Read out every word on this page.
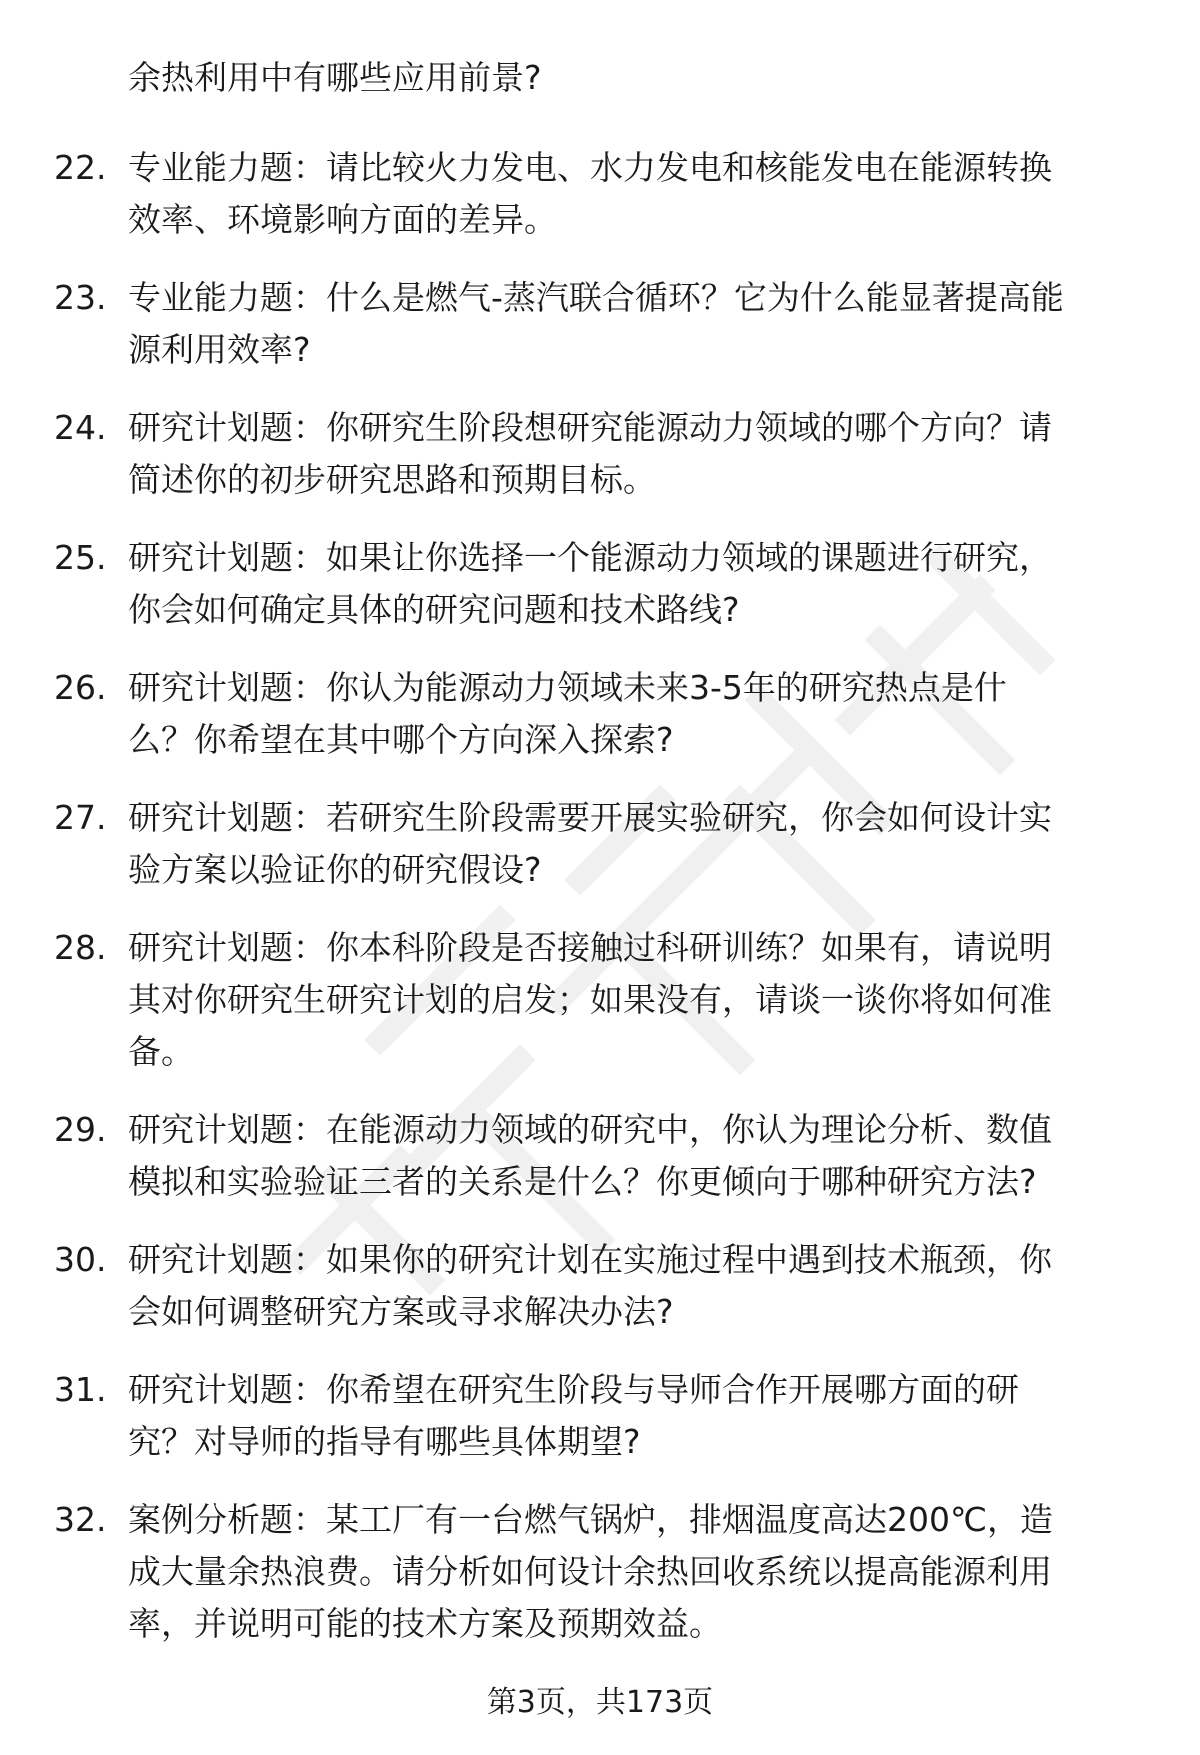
余热利用中有哪些应用前景?
22. 专业能力题：请比较火力发电、水力发电和核能发电在能源转换
效率、环境影响方面的差异。
23. 专业能力题：什么是燃气-蒸汽联合循环？它为什么能显著提高能
源利用效率?
24. 研究计划题：你研究生阶段想研究能源动力领域的哪个方向？请
简述你的初步研究思路和预期目标。
25. 研究计划题：如果让你选择一个能源动力领域的课题进行研究，
你会如何确定具体的研究问题和技术路线?
26. 研究计划题：你认为能源动力领域未来3-5年的研究热点是什
么？你希望在其中哪个方向深入探索?
27. 研究计划题：若研究生阶段需要开展实验研究，你会如何设计实
验方案以验证你的研究假设?
28. 研究计划题：你本科阶段是否接触过科研训练？如果有，请说明
其对你研究生研究计划的启发；如果没有，请谈一谈你将如何准
备。
29. 研究计划题：在能源动力领域的研究中，你认为理论分析、数值
模拟和实验验证三者的关系是什么？你更倾向于哪种研究方法?
30. 研究计划题：如果你的研究计划在实施过程中遇到技术瓶颈，你
会如何调整研究方案或寻求解决办法?
31. 研究计划题：你希望在研究生阶段与导师合作开展哪方面的研
究？对导师的指导有哪些具体期望?
32. 案例分析题：某工厂有一台燃气锅炉，排烟温度高达200℃，造
成大量余热浪费。请分析如何设计余热回收系统以提高能源利用
率，并说明可能的技术方案及预期效益。
第3页，共173页
